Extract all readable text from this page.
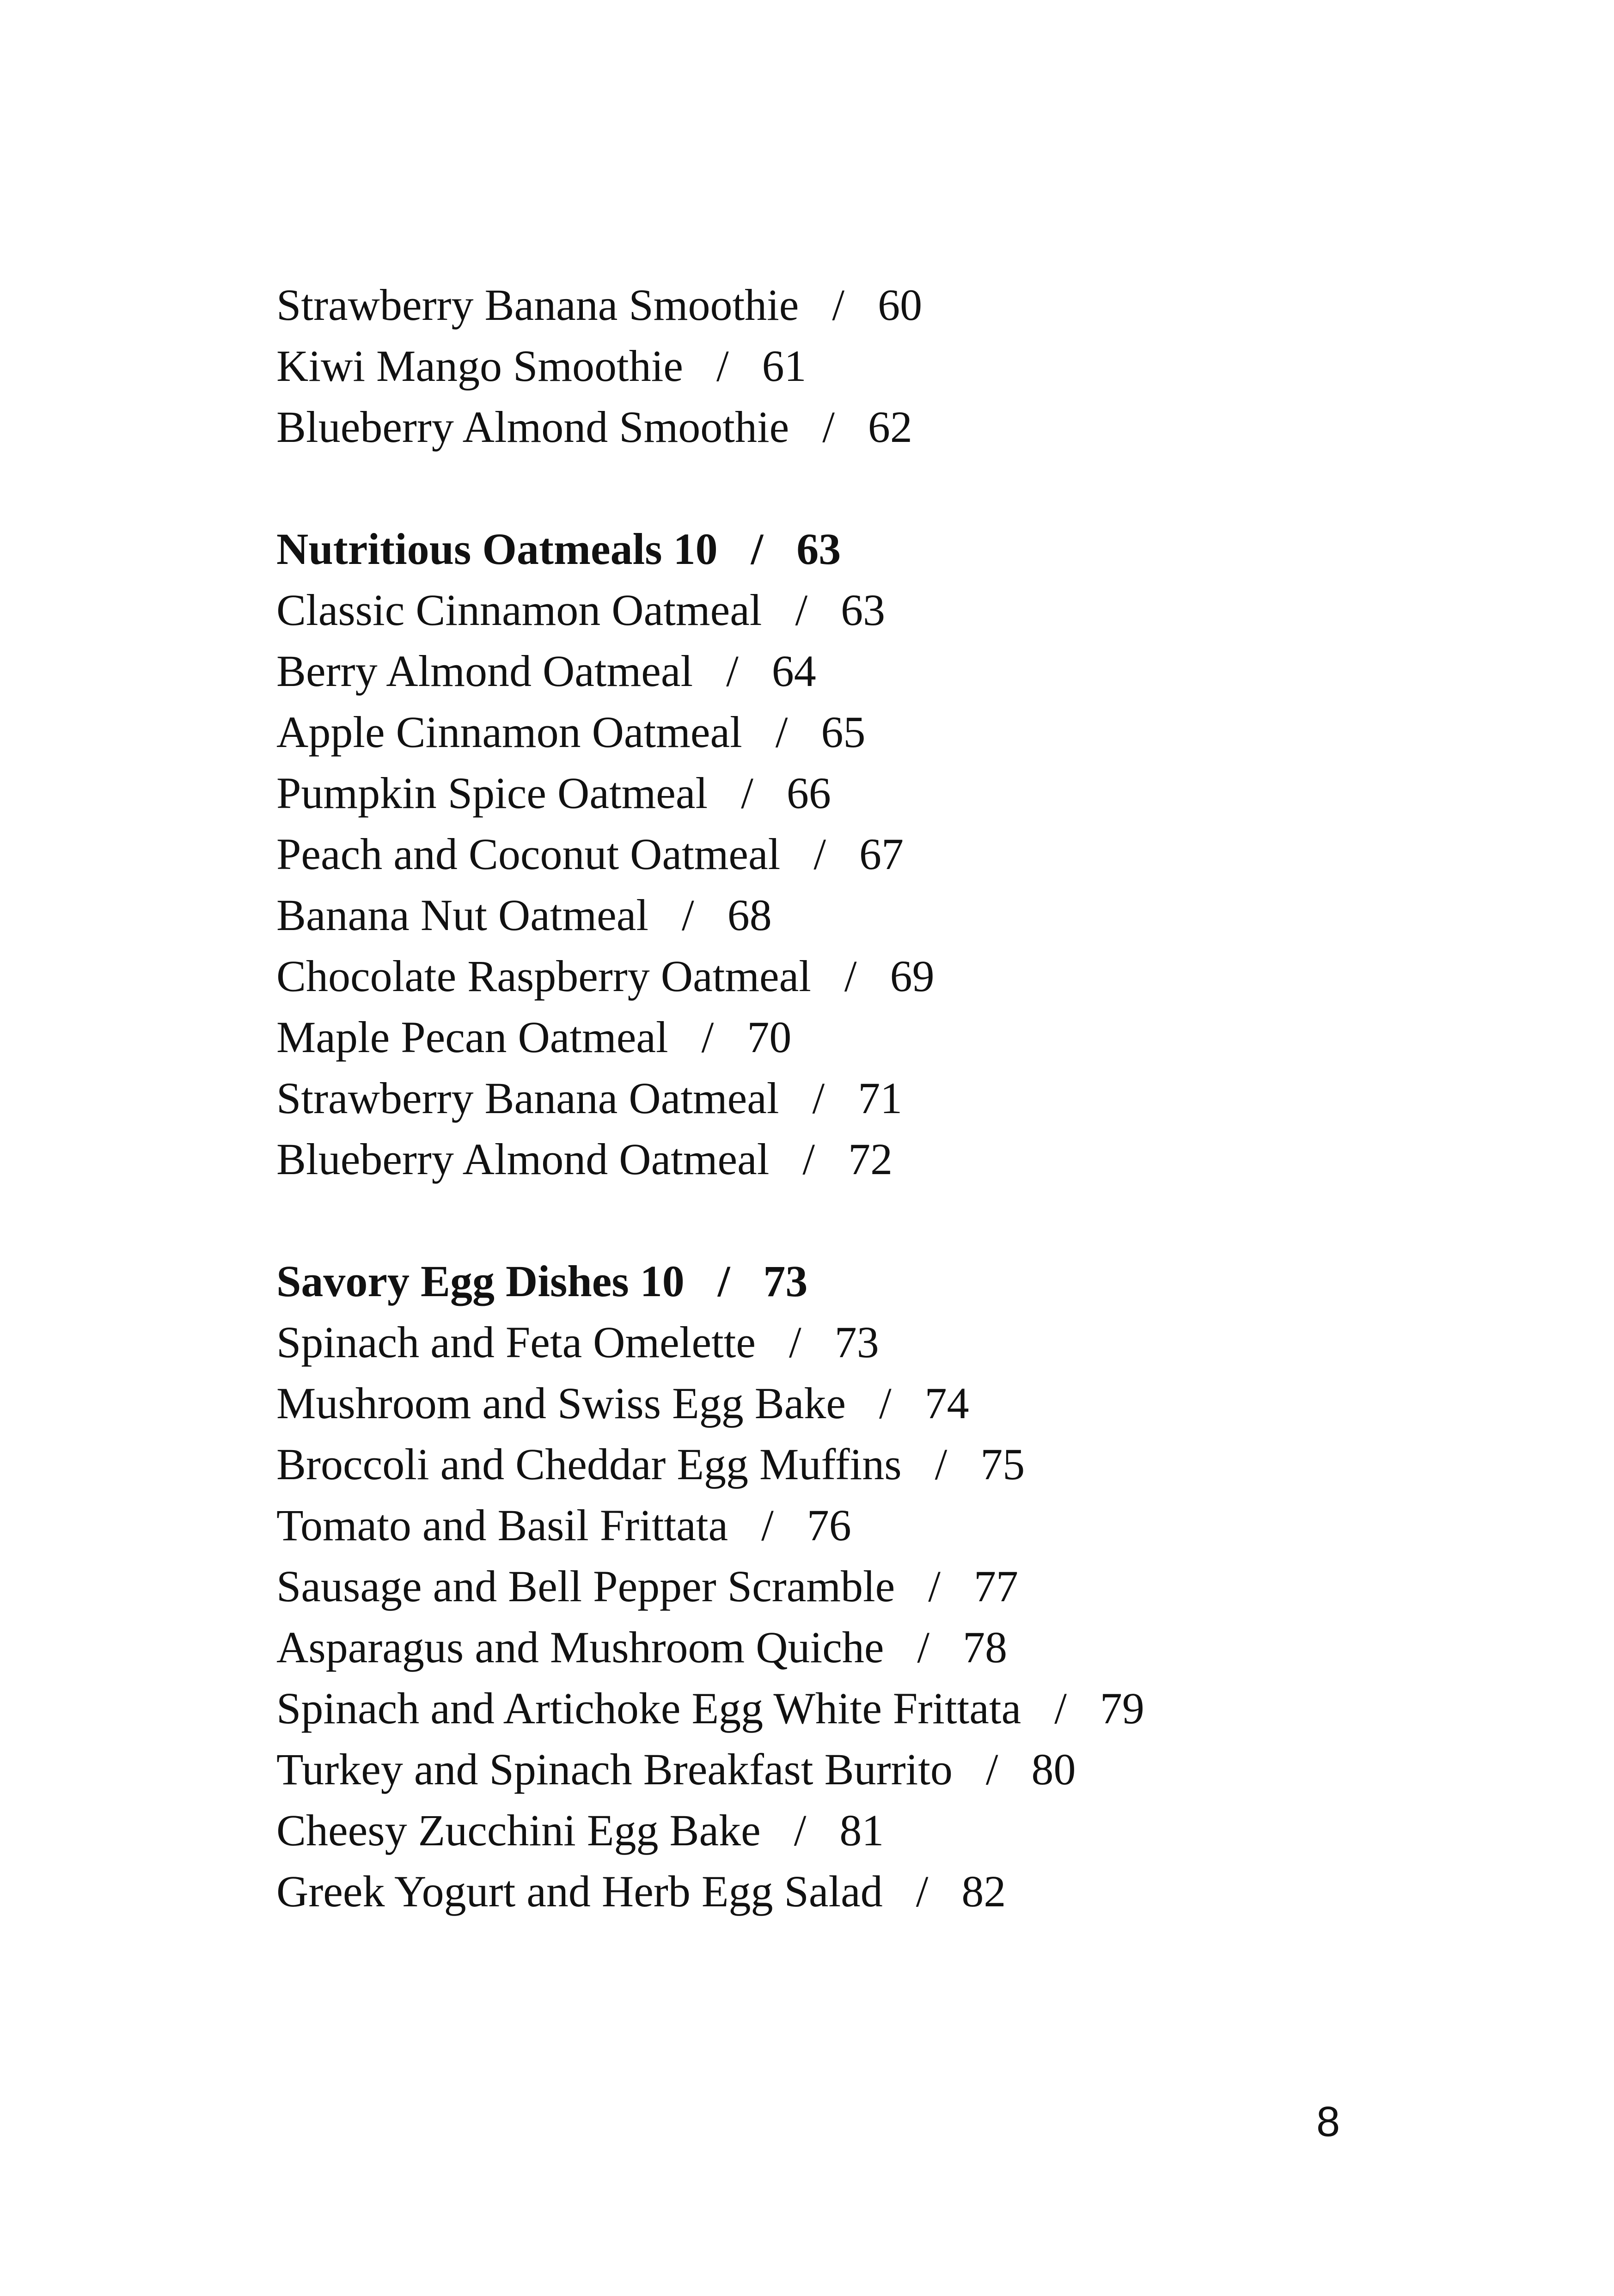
Strawberry Banana Smoothie / 60
Kiwi Mango Smoothie / 61
Blueberry Almond Smoothie / 62
Nutritious Oatmeals 10 / 63
Classic Cinnamon Oatmeal / 63
Berry Almond Oatmeal / 64
Apple Cinnamon Oatmeal / 65
Pumpkin Spice Oatmeal / 66
Peach and Coconut Oatmeal / 67
Banana Nut Oatmeal / 68
Chocolate Raspberry Oatmeal / 69
Maple Pecan Oatmeal / 70
Strawberry Banana Oatmeal / 71
Blueberry Almond Oatmeal / 72
Savory Egg Dishes 10 / 73
Spinach and Feta Omelette / 73
Mushroom and Swiss Egg Bake / 74
Broccoli and Cheddar Egg Muffins / 75
Tomato and Basil Frittata / 76
Sausage and Bell Pepper Scramble / 77
Asparagus and Mushroom Quiche / 78
Spinach and Artichoke Egg White Frittata / 79
Turkey and Spinach Breakfast Burrito / 80
Cheesy Zucchini Egg Bake / 81
Greek Yogurt and Herb Egg Salad / 82
8
